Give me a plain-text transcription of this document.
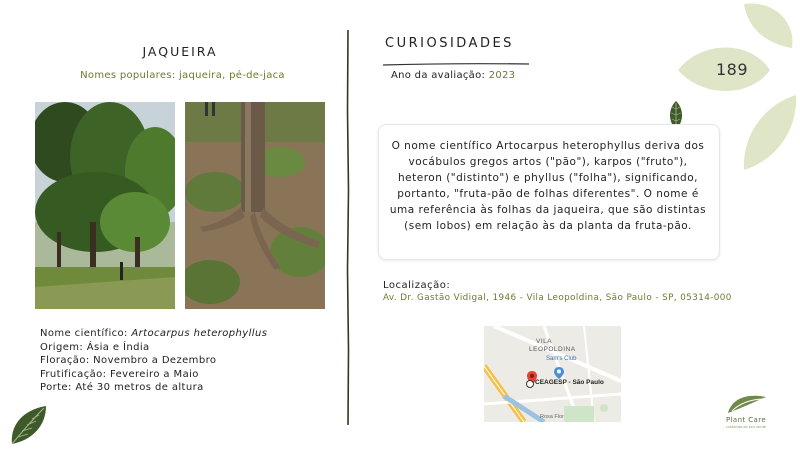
JAQUEIRA
Nomes populares: jaqueira, pé-de-jaca
Nome científico: Artocarpus heterophyllus
Origem: Ásia e Índia
Floração: Novembro a Dezembro
Frutificação: Fevereiro a Maio
Porte: Até 30 metros de altura
CURIOSIDADES
Ano da avaliação: 2023	189
O nome científico Artocarpus heterophyllus deriva dos vocábulos gregos artos ("pão"), karpos ("fruto"), heteron ("distinto") e phyllus ("folha"), significando, portanto, "fruta-pão de folhas diferentes". O nome é uma referência às folhas da jaqueira, que são distintas (sem lobos) em relação às da planta da fruta-pão.
Localização:
Av. Dr. Gastão Vidigal, 1946 - Vila Leopoldina, São Paulo - SP, 05314-000
VILA
LEOPOLDINA
Sam's Club
CEAGESP - São Paulo
Rosa Flor	Plant Care
cuidando do seu verde
